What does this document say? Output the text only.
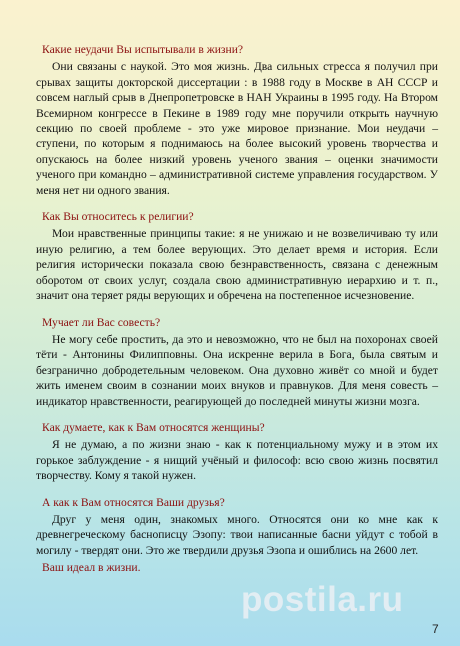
Какие неудачи Вы испытывали в жизни?

Они связаны с наукой. Это моя жизнь. Два сильных стресса я получил при срывах защиты докторской диссертации : в 1988 году в Москве в АН СССР и совсем наглый срыв в Днепропетровске в НАН Украины в 1995 году. На Втором Всемирном конгрессе в Пекине в 1989 году мне поручили открыть научную секцию по своей проблеме - это уже мировое признание. Мои неудачи – ступени, по которым я поднимаюсь на более высокий уровень творчества и опускаюсь на более низкий уровень ученого звания – оценки значимости ученого при командно – административной системе управления государством. У меня нет ни одного звания.

Как Вы относитесь к религии?

Мои нравственные принципы такие: я не унижаю и не возвеличиваю ту или иную религию, а тем более верующих. Это делает время и история. Если религия исторически показала свою безнравственность, связана с денежным оборотом от своих услуг, создала свою административную иерархию и т. п., значит она теряет ряды верующих и обречена на постепенное исчезновение.

Мучает ли Вас совесть?

Не могу себе простить, да это и невозможно, что не был на похоронах своей тёти - Антонины Филипповны. Она искренне верила в Бога, была святым и безгранично добродетельным человеком. Она духовно живёт со мной и будет жить именем своим в сознании моих внуков и правнуков. Для меня совесть – индикатор нравственности, реагирующей до последней минуты жизни мозга.

Как думаете, как к Вам относятся женщины?

Я не думаю, а по жизни знаю - как к потенциальному мужу и в этом их горькое заблуждение - я нищий учёный и философ: всю свою жизнь посвятил творчеству. Кому я такой нужен.

А как к Вам относятся Ваши друзья?

Друг у меня один, знакомых много. Относятся они ко мне как к древнегреческому баснописцу Эзопу: твои написанные басни уйдут с тобой в могилу - твердят они. Это же твердили друзья Эзопа и ошиблись на 2600 лет.

Ваш идеал в жизни.
postila.ru
7
